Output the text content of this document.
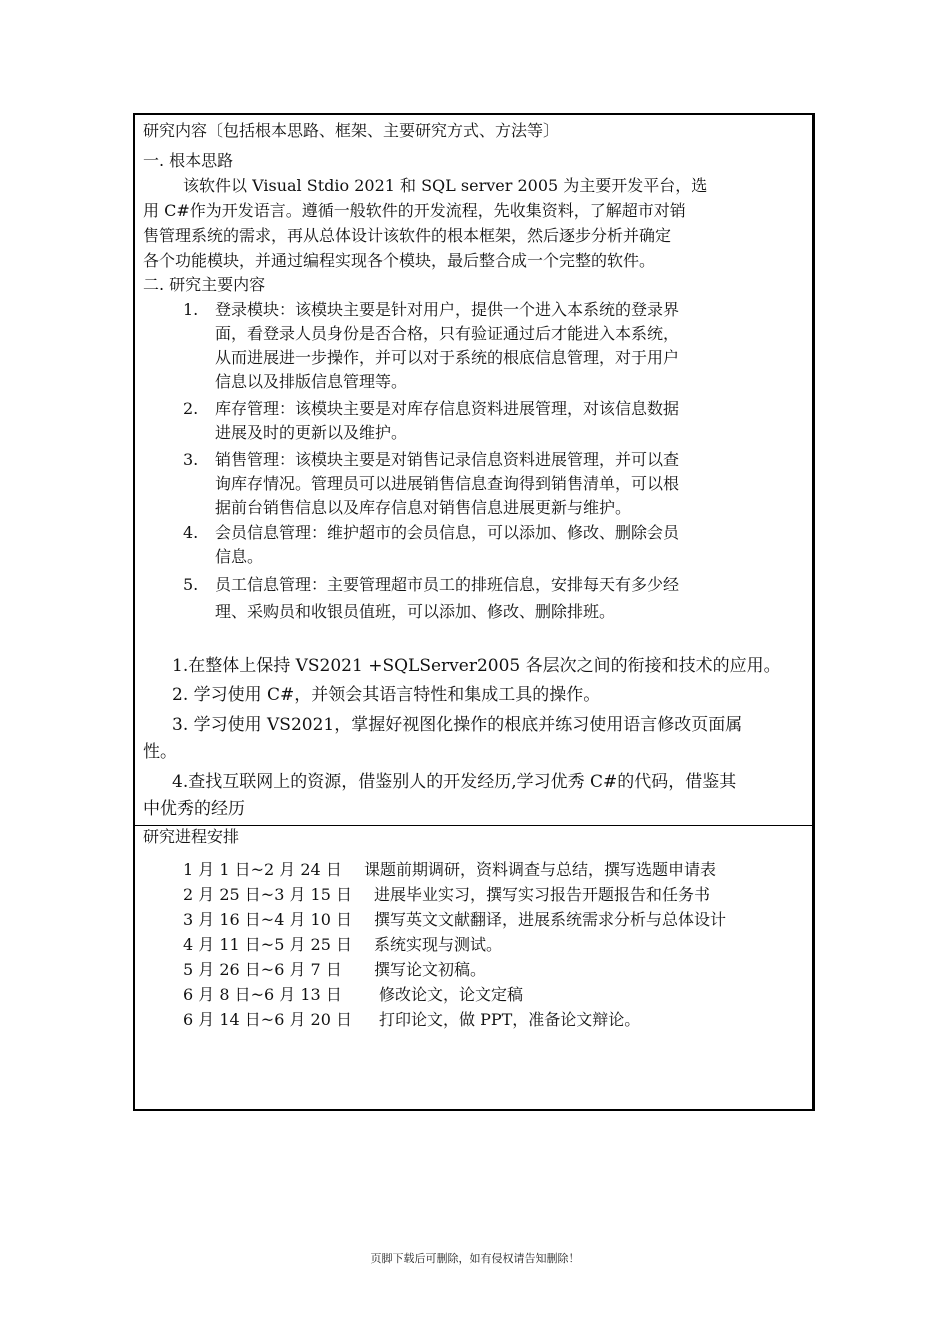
研究内容〔包括根本思路、框架、主要研究方式、方法等〕
一. 根本思路
该软件以 Visual Stdio 2021 和 SQL server 2005 为主要开发平台，选
用 C#作为开发语言。遵循一般软件的开发流程，先收集资料，了解超市对销
售管理系统的需求，再从总体设计该软件的根本框架，然后逐步分析并确定
各个功能模块，并通过编程实现各个模块，最后整合成一个完整的软件。
二. 研究主要内容
1. 登录模块：该模块主要是针对用户，提供一个进入本系统的登录界
面，看登录人员身份是否合格，只有验证通过后才能进入本系统，
从而进展进一步操作，并可以对于系统的根底信息管理，对于用户
信息以及排版信息管理等。
2. 库存管理：该模块主要是对库存信息资料进展管理，对该信息数据
进展及时的更新以及维护。
3. 销售管理：该模块主要是对销售记录信息资料进展管理，并可以查
询库存情况。管理员可以进展销售信息查询得到销售清单，可以根
据前台销售信息以及库存信息对销售信息进展更新与维护。
4. 会员信息管理：维护超市的会员信息，可以添加、修改、删除会员
信息。
5. 员工信息管理：主要管理超市员工的排班信息，安排每天有多少经
理、采购员和收银员值班，可以添加、修改、删除排班。
1.在整体上保持 VS2021 +SQLServer2005 各层次之间的衔接和技术的应用。
2. 学习使用 C#，并领会其语言特性和集成工具的操作。
3. 学习使用 VS2021，掌握好视图化操作的根底并练习使用语言修改页面属
性。
4.查找互联网上的资源，借鉴别人的开发经历,学习优秀 C#的代码，借鉴其
中优秀的经历
研究进程安排
1 月 1 日~2 月 24 日 课题前期调研，资料调查与总结，撰写选题申请表
2 月 25 日~3 月 15 日 进展毕业实习，撰写实习报告开题报告和任务书
3 月 16 日~4 月 10 日 撰写英文文献翻译，进展系统需求分析与总体设计
4 月 11 日~5 月 25 日 系统实现与测试。
5 月 26 日~6 月 7 日 撰写论文初稿。
6 月 8 日~6 月 13 日 修改论文，论文定稿
6 月 14 日~6 月 20 日 打印论文，做 PPT，准备论文辩论。
页脚下载后可删除，如有侵权请告知删除！
